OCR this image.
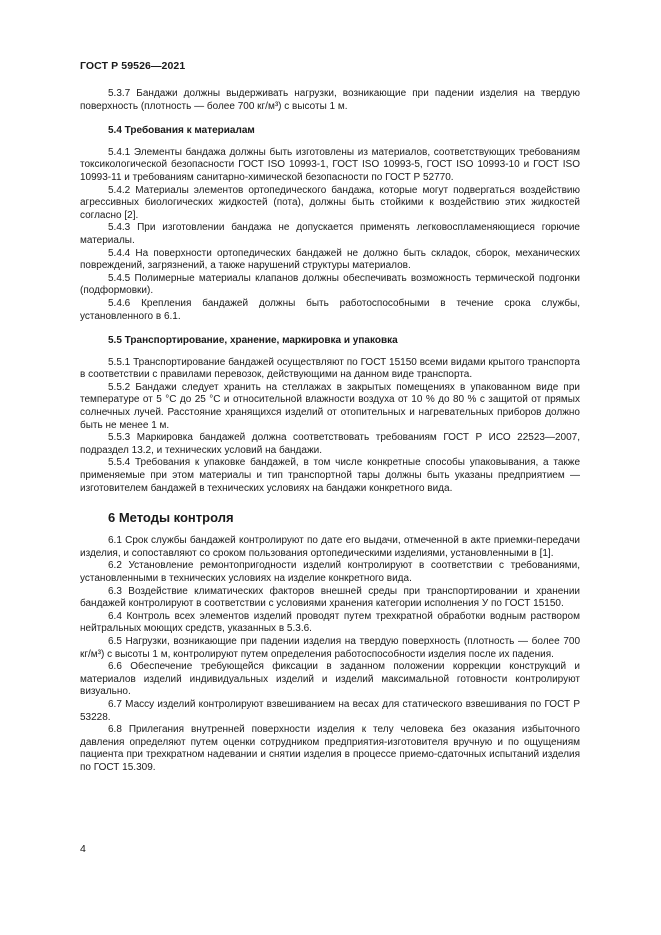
ГОСТ Р 59526—2021

5.3.7 Бандажи должны выдерживать нагрузки, возникающие при падении изделия на твердую поверхность (плотность — более 700 кг/м³) с высоты 1 м.

5.4 Требования к материалам

5.4.1 Элементы бандажа должны быть изготовлены из материалов, соответствующих требованиям токсикологической безопасности ГОСТ ISO 10993-1, ГОСТ ISO 10993-5, ГОСТ ISO 10993-10 и ГОСТ ISO 10993-11 и требованиям санитарно-химической безопасности по ГОСТ Р 52770.

5.4.2 Материалы элементов ортопедического бандажа, которые могут подвергаться воздействию агрессивных биологических жидкостей (пота), должны быть стойкими к воздействию этих жидкостей согласно [2].

5.4.3 При изготовлении бандажа не допускается применять легковоспламеняющиеся горючие материалы.

5.4.4 На поверхности ортопедических бандажей не должно быть складок, сборок, механических повреждений, загрязнений, а также нарушений структуры материалов.

5.4.5 Полимерные материалы клапанов должны обеспечивать возможность термической подгонки (подформовки).

5.4.6 Крепления бандажей должны быть работоспособными в течение срока службы, установленного в 6.1.

5.5 Транспортирование, хранение, маркировка и упаковка

5.5.1 Транспортирование бандажей осуществляют по ГОСТ 15150 всеми видами крытого транспорта в соответствии с правилами перевозок, действующими на данном виде транспорта.

5.5.2 Бандажи следует хранить на стеллажах в закрытых помещениях в упакованном виде при температуре от 5 °С до 25 °С и относительной влажности воздуха от 10 % до 80 % с защитой от прямых солнечных лучей. Расстояние хранящихся изделий от отопительных и нагревательных приборов должно быть не менее 1 м.

5.5.3 Маркировка бандажей должна соответствовать требованиям ГОСТ Р ИСО 22523—2007, подраздел 13.2, и технических условий на бандажи.

5.5.4 Требования к упаковке бандажей, в том числе конкретные способы упаковывания, а также применяемые при этом материалы и тип транспортной тары должны быть указаны предприятием — изготовителем бандажей в технических условиях на бандажи конкретного вида.

6 Методы контроля

6.1 Срок службы бандажей контролируют по дате его выдачи, отмеченной в акте приемки-передачи изделия, и сопоставляют со сроком пользования ортопедическими изделиями, установленными в [1].

6.2 Установление ремонтопригодности изделий контролируют в соответствии с требованиями, установленными в технических условиях на изделие конкретного вида.

6.3 Воздействие климатических факторов внешней среды при транспортировании и хранении бандажей контролируют в соответствии с условиями хранения категории исполнения У по ГОСТ 15150.

6.4 Контроль всех элементов изделий проводят путем трехкратной обработки водным раствором нейтральных моющих средств, указанных в 5.3.6.

6.5 Нагрузки, возникающие при падении изделия на твердую поверхность (плотность — более 700 кг/м³) с высоты 1 м, контролируют путем определения работоспособности изделия после их падения.

6.6 Обеспечение требующейся фиксации в заданном положении коррекции конструкций и материалов изделий индивидуальных изделий и изделий максимальной готовности контролируют визуально.

6.7 Массу изделий контролируют взвешиванием на весах для статического взвешивания по ГОСТ Р 53228.

6.8 Прилегания внутренней поверхности изделия к телу человека без оказания избыточного давления определяют путем оценки сотрудником предприятия-изготовителя вручную и по ощущениям пациента при трехкратном надевании и снятии изделия в процессе приемо-сдаточных испытаний изделия по ГОСТ 15.309.

4
